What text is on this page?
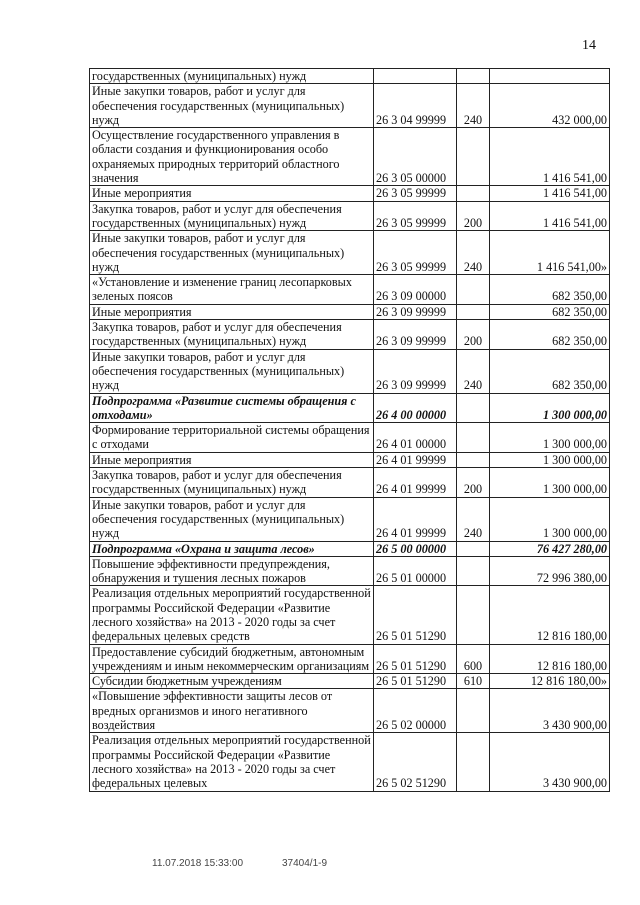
14
государственных (муниципальных) нужд			
Иные закупки товаров, работ и услуг для обеспечения государственных (муниципальных) нужд	26 3 04 99999	240	432 000,00
Осуществление государственного управления в области создания и функционирования особо охраняемых природных территорий областного значения	26 3 05 00000		1 416 541,00
Иные мероприятия	26 3 05 99999		1 416 541,00
Закупка товаров, работ и услуг для обеспечения государственных (муниципальных) нужд	26 3 05 99999	200	1 416 541,00
Иные закупки товаров, работ и услуг для обеспечения государственных (муниципальных) нужд	26 3 05 99999	240	1 416 541,00»
«Установление и изменение границ лесопарковых зеленых поясов	26 3 09 00000		682 350,00
Иные мероприятия	26 3 09 99999		682 350,00
Закупка товаров, работ и услуг для обеспечения государственных (муниципальных) нужд	26 3 09 99999	200	682 350,00
Иные закупки товаров, работ и услуг для обеспечения государственных (муниципальных) нужд	26 3 09 99999	240	682 350,00
Подпрограмма «Развитие системы обращения с отходами»	26 4 00 00000		1 300 000,00
Формирование территориальной системы обращения с отходами	26 4 01 00000		1 300 000,00
Иные мероприятия	26 4 01 99999		1 300 000,00
Закупка товаров, работ и услуг для обеспечения государственных (муниципальных) нужд	26 4 01 99999	200	1 300 000,00
Иные закупки товаров, работ и услуг для обеспечения государственных (муниципальных) нужд	26 4 01 99999	240	1 300 000,00
Подпрограмма «Охрана и защита лесов»	26 5 00 00000		76 427 280,00
Повышение эффективности предупреждения, обнаружения и тушения лесных пожаров	26 5 01 00000		72 996 380,00
Реализация отдельных мероприятий государственной программы Российской Федерации «Развитие лесного хозяйства» на 2013 - 2020 годы за счет федеральных целевых средств	26 5 01 51290		12 816 180,00
Предоставление субсидий бюджетным, автономным учреждениям и иным некоммерческим организациям	26 5 01 51290	600	12 816 180,00
Субсидии бюджетным учреждениям	26 5 01 51290	610	12 816 180,00»
«Повышение эффективности защиты лесов от вредных организмов и иного негативного воздействия	26 5 02 00000		3 430 900,00
Реализация отдельных мероприятий государственной программы Российской Федерации «Развитие лесного хозяйства» на 2013 - 2020 годы за счет федеральных целевых	26 5 02 51290		3 430 900,00
11.07.2018 15:33:00	37404/1-9
